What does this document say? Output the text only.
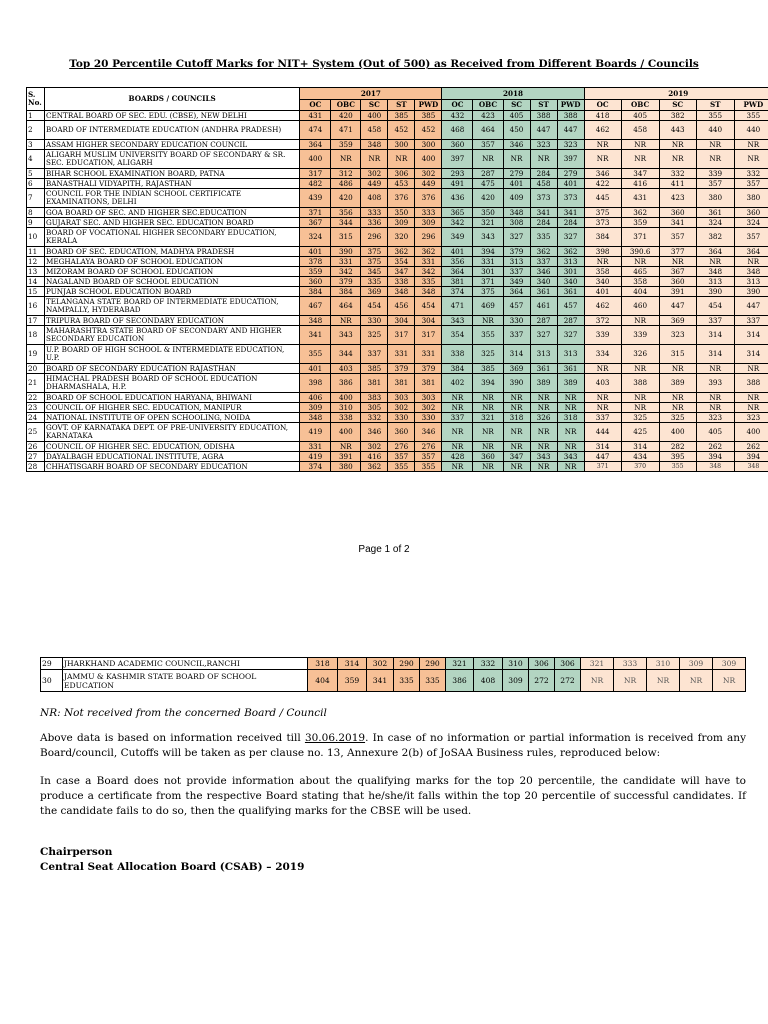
Top 20 Percentile Cutoff Marks for NIT+ System (Out of 500) as Received from Different Boards / Councils
S. No.	BOARDS / COUNCILS	2017					2018					2019				
		OC	OBC	SC	ST	PWD	OC	OBC	SC	ST	PWD	OC	OBC	SC	ST	PWD
1	CENTRAL BOARD OF SEC. EDU. (CBSE), NEW DELHI	431	420	400	385	385	432	423	405	388	388	418	405	382	355	355
2	BOARD OF INTERMEDIATE EDUCATION (ANDHRA PRADESH)	474	471	458	452	452	468	464	450	447	447	462	458	443	440	440
3	ASSAM HIGHER SECONDARY EDUCATION COUNCIL	364	359	348	300	300	360	357	346	323	323	NR	NR	NR	NR	NR
4	ALIGARH MUSLIM UNIVERSITY BOARD OF SECONDARY & SR. SEC. EDUCATION, ALIGARH	400	NR	NR	NR	400	397	NR	NR	NR	397	NR	NR	NR	NR	NR
5	BIHAR SCHOOL EXAMINATION BOARD, PATNA	317	312	302	306	302	293	287	279	284	279	346	347	332	339	332
6	BANASTHALI VIDYAPITH, RAJASTHAN	482	486	449	453	449	491	475	401	458	401	422	416	411	357	357
7	COUNCIL FOR THE INDIAN SCHOOL CERTIFICATE EXAMINATIONS, DELHI	439	420	408	376	376	436	420	409	373	373	445	431	423	380	380
8	GOA BOARD OF SEC. AND HIGHER SEC.EDUCATION	371	356	333	350	333	365	350	348	341	341	375	362	360	361	360
9	GUJARAT SEC. AND HIGHER SEC. EDUCATION BOARD	367	344	336	309	309	342	321	308	284	284	373	359	341	324	324
10	BOARD OF VOCATIONAL HIGHER SECONDARY EDUCATION, KERALA	324	315	296	320	296	349	343	327	335	327	384	371	357	382	357
11	BOARD OF SEC. EDUCATION, MADHYA PRADESH	401	390	375	362	362	401	394	379	362	362	398	390.6	377	364	364
12	MEGHALAYA BOARD OF SCHOOL EDUCATION	378	331	375	354	331	356	331	313	337	313	NR	NR	NR	NR	NR
13	MIZORAM BOARD OF SCHOOL EDUCATION	359	342	345	347	342	364	301	337	346	301	358	465	367	348	348
14	NAGALAND BOARD OF SCHOOL EDUCATION	360	379	335	338	335	381	371	349	340	340	340	358	360	313	313
15	PUNJAB SCHOOL EDUCATION BOARD	384	384	369	348	348	374	375	364	361	361	401	404	391	390	390
16	TELANGANA STATE BOARD OF INTERMEDIATE EDUCATION, NAMPALLY, HYDERABAD	467	464	454	456	454	471	469	457	461	457	462	460	447	454	447
17	TRIPURA BOARD OF SECONDARY EDUCATION	348	NR	330	304	304	343	NR	330	287	287	372	NR	369	337	337
18	MAHARASHTRA STATE BOARD OF SECONDARY AND HIGHER SECONDARY EDUCATION	341	343	325	317	317	354	355	337	327	327	339	339	323	314	314
19	U.P. BOARD OF HIGH SCHOOL & INTERMEDIATE EDUCATION, U.P.	355	344	337	331	331	338	325	314	313	313	334	326	315	314	314
20	BOARD OF SECONDARY EDUCATION RAJASTHAN	401	403	385	379	379	384	385	369	361	361	NR	NR	NR	NR	NR
21	HIMACHAL PRADESH BOARD OF SCHOOL EDUCATION DHARMASHALA, H.P.	398	386	381	381	381	402	394	390	389	389	403	388	389	393	388
22	BOARD OF SCHOOL EDUCATION HARYANA, BHIWANI	406	400	383	303	303	NR	NR	NR	NR	NR	NR	NR	NR	NR	NR
23	COUNCIL OF HIGHER SEC. EDUCATION, MANIPUR	309	310	305	302	302	NR	NR	NR	NR	NR	NR	NR	NR	NR	NR
24	NATIONAL INSTITUTE OF OPEN SCHOOLING, NOIDA	348	338	332	330	330	337	321	318	326	318	337	325	325	323	323
25	GOVT. OF KARNATAKA DEPT. OF PRE-UNIVERSITY EDUCATION, KARNATAKA	419	400	346	360	346	NR	NR	NR	NR	NR	444	425	400	405	400
26	COUNCIL OF HIGHER SEC. EDUCATION, ODISHA	331	NR	302	276	276	NR	NR	NR	NR	NR	314	314	282	262	262
27	DAYALBAGH EDUCATIONAL INSTITUTE, AGRA	419	391	416	357	357	428	360	347	343	343	447	434	395	394	394
28	CHHATISGARH BOARD OF SECONDARY EDUCATION	374	380	362	355	355	NR	NR	NR	NR	NR	371	370	355	348	348
Page 1 of 2
29	JHARKHAND ACADEMIC COUNCIL,RANCHI	318	314	302	290	290	321	332	310	306	306	321	333	310	309	309
30	JAMMU & KASHMIR STATE BOARD OF SCHOOL EDUCATION	404	359	341	335	335	386	408	309	272	272	NR	NR	NR	NR	NR
NR: Not received from the concerned Board / Council
Above data is based on information received till 30.06.2019. In case of no information or partial information is received from any Board/council, Cutoffs will be taken as per clause no. 13, Annexure 2(b) of JoSAA Business rules, reproduced below:
In case a Board does not provide information about the qualifying marks for the top 20 percentile, the candidate will have to produce a certificate from the respective Board stating that he/she/it falls within the top 20 percentile of successful candidates. If the candidate fails to do so, then the qualifying marks for the CBSE will be used.
Chairperson
Central Seat Allocation Board (CSAB) – 2019
